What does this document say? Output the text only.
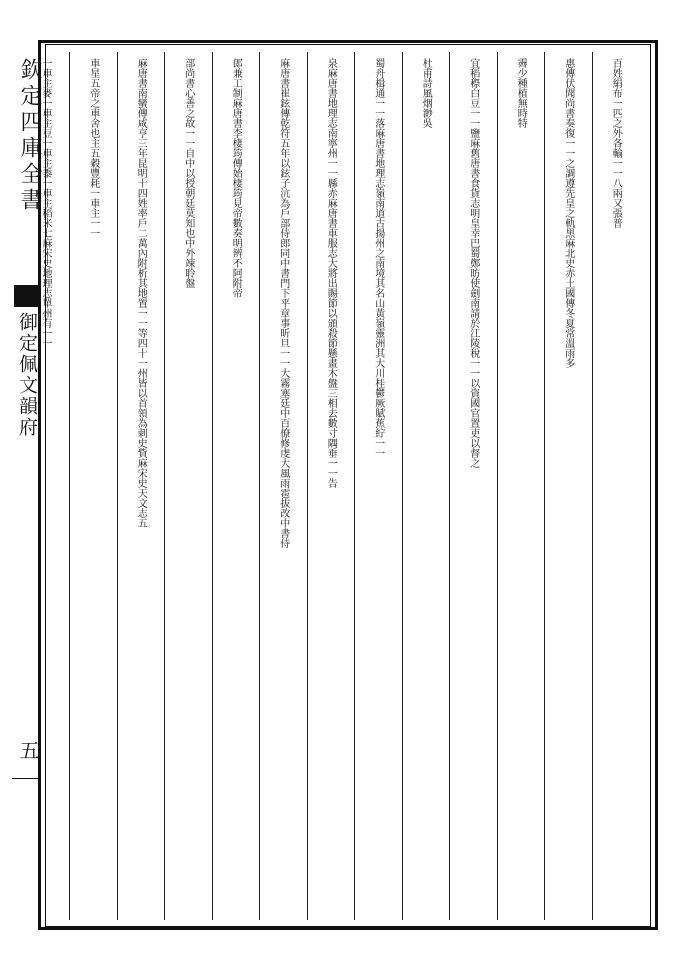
欽定四庫全書
御定佩文韻府
五
百姓絹布一匹之外各輸一一八兩又張普
惠傳伏聞尚書奏復一一之調遵先皇之軌黑麻北史赤土國傳冬夏常溫雨多
霽少種植無時特
宜稻穄白豆一一鹽麻舊唐書食貨志明皇幸巴蜀鄭昉使劍南請於江陵稅一一以資國官置吏以督之
杜甫詩風烟渺吳
蜀舟楫通一一落麻唐書地理志嶺南道古揚州之南境其名山黃嶺靈洲其大川桂鬱厥賦蕉紵一一
泉麻唐書地理志南寧州一一縣赤麻唐書車服志大將出賜節以頒殺節懸畫木盤三相去數寸隅垂一一告
麻唐書崔鉉傳乾符五年以鉉子沆為戶部侍郎同中書門下平章事昕旦一一大霧塞廷中百僚修虔大風雨雹拔改中書侍
郎兼工制麻唐書李棲筠傳始棲筠見帝數奏明辨不阿附帝
部尚書心善之故一一自中以授朝廷莫知也中外竦聆盤
麻唐書南蠻傳咸亨三年昆明十四姓率戶二萬內附析其地置一一等四十一州皆以首領為刺史貲麻宋史天文志五
車星五帝之車舍也主五穀豐耗一車主一一
一車主麥一車主豆一車主黍一車主稻米七麻宋史地理志單州有一一
